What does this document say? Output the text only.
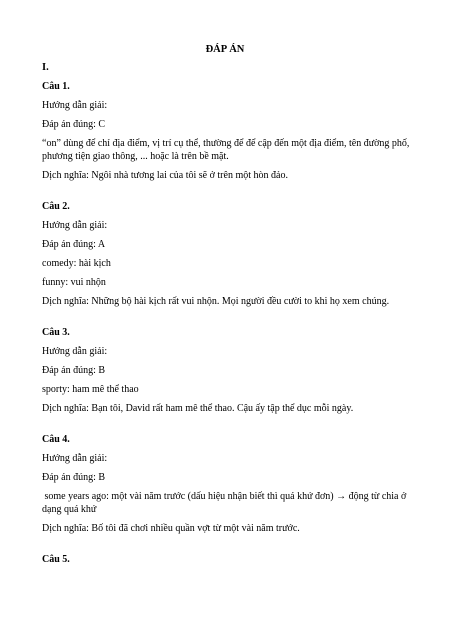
ĐÁP ÁN
I.
Câu 1.
Hướng dẫn giải:
Đáp án đúng: C
“on” dùng để chỉ địa điểm, vị trí cụ thể, thường để để cập đến một địa điểm, tên đường phố, phương tiện giao thông, ... hoặc là trên bề mặt.
Dịch nghĩa: Ngôi nhà tương lai của tôi sẽ ở trên một hòn đảo.
Câu 2.
Hướng dẫn giải:
Đáp án đúng: A
comedy: hài kịch
funny: vui nhộn
Dịch nghĩa: Những bộ hài kịch rất vui nhộn. Mọi người đều cười to khi họ xem chúng.
Câu 3.
Hướng dẫn giải:
Đáp án đúng: B
sporty: ham mê thể thao
Dịch nghĩa: Bạn tôi, David rất ham mê thể thao. Cậu ấy tập thể dục mỗi ngày.
Câu 4.
Hướng dẫn giải:
Đáp án đúng: B
some years ago: một vài năm trước (dấu hiệu nhận biết thì quá khứ đơn) → động từ chia ở dạng quá khứ
Dịch nghĩa: Bố tôi đã chơi nhiều quần vợt từ một vài năm trước.
Câu 5.
